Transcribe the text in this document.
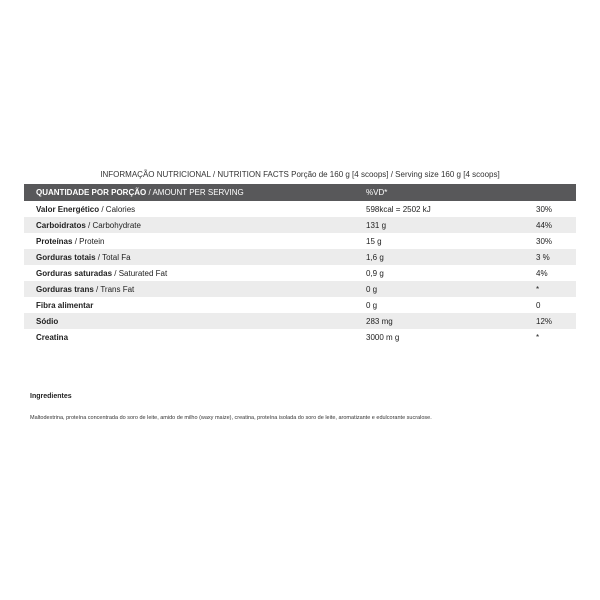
INFORMAÇÃO NUTRICIONAL / NUTRITION FACTS Porção de 160 g [4 scoops] / Serving size 160 g [4 scoops]
QUANTIDADE POR PORÇÃO / AMOUNT PER SERVING	%VD*
Valor Energético / Calories	598kcal = 2502 kJ	30%
Carboidratos / Carbohydrate	131 g	44%
Proteínas / Protein	15 g	30%
Gorduras totais / Total Fa	1,6 g	3 %
Gorduras saturadas / Saturated Fat	0,9 g	4%
Gorduras trans / Trans Fat	0 g	*
Fibra alimentar	0 g	0
Sódio	283 mg	12%
Creatina	3000 m g	*
Ingredientes
Maltodextrina, proteína concentrada do soro de leite, amido de milho (waxy maize), creatina, proteína isolada do soro de leite, aromatizante e edulcorante sucralose.
